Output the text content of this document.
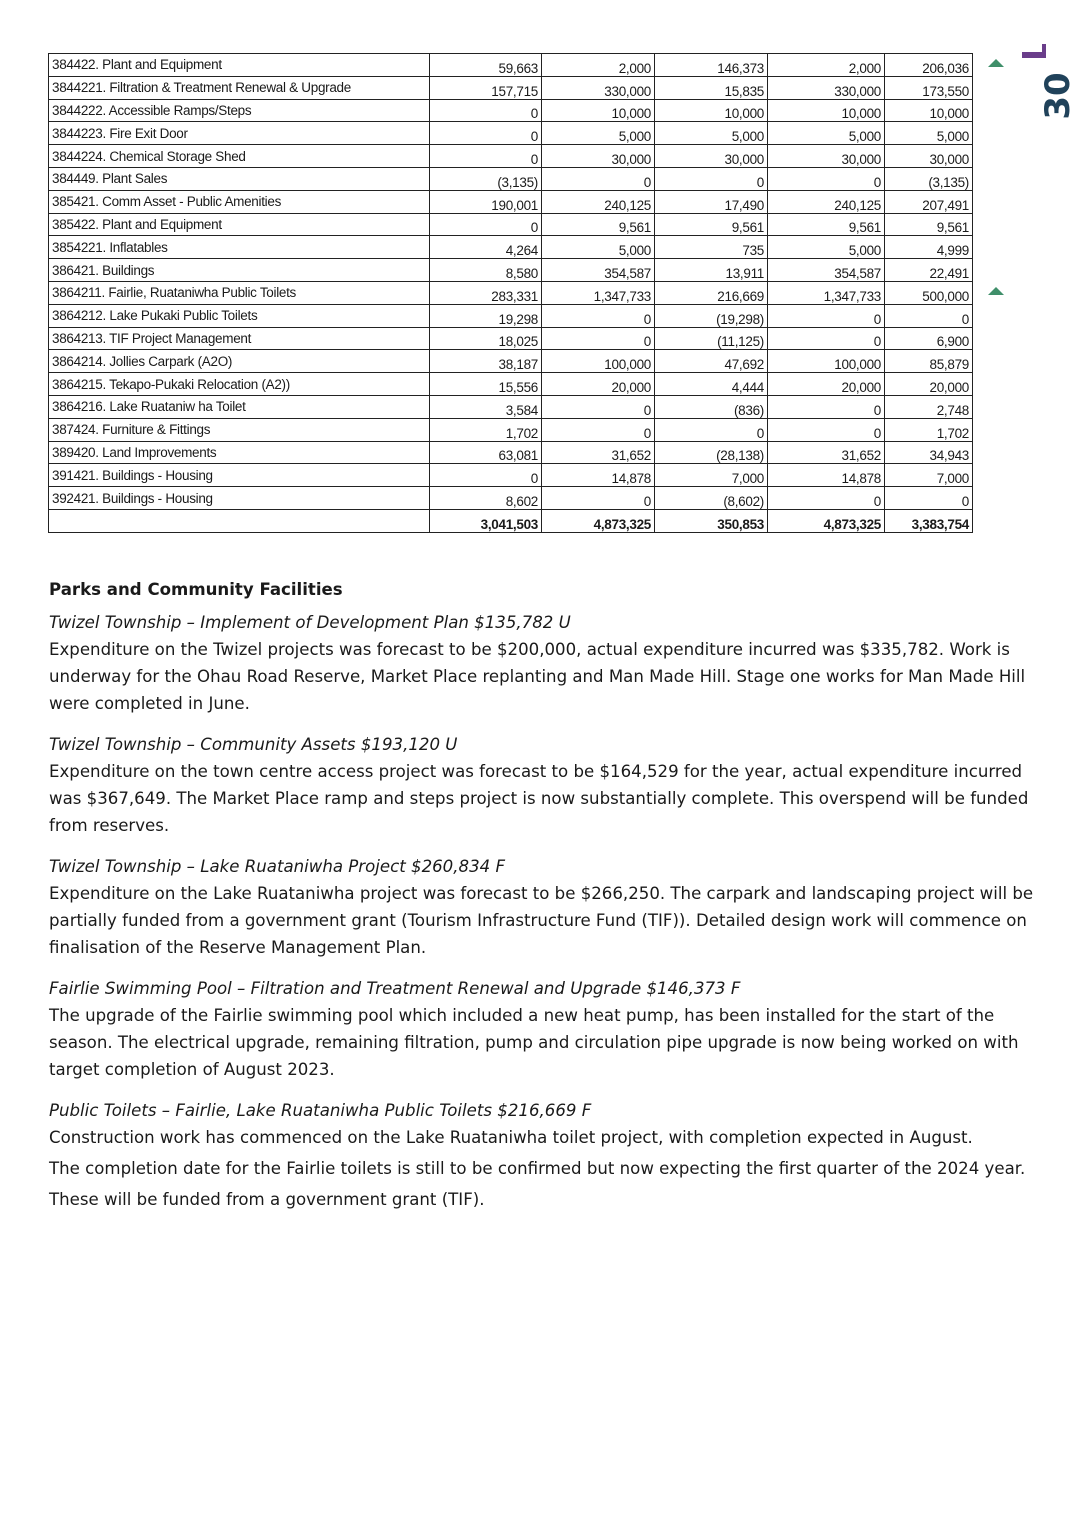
30
384422. Plant and Equipment	59,663	2,000	146,373	2,000	206,036
3844221. Filtration & Treatment Renewal & Upgrade	157,715	330,000	15,835	330,000	173,550
3844222. Accessible Ramps/Steps	0	10,000	10,000	10,000	10,000
3844223. Fire Exit Door	0	5,000	5,000	5,000	5,000
3844224. Chemical Storage Shed	0	30,000	30,000	30,000	30,000
384449. Plant Sales	(3,135)	0	0	0	(3,135)
385421. Comm Asset - Public Amenities	190,001	240,125	17,490	240,125	207,491
385422. Plant and Equipment	0	9,561	9,561	9,561	9,561
3854221. Inflatables	4,264	5,000	735	5,000	4,999
386421. Buildings	8,580	354,587	13,911	354,587	22,491
3864211. Fairlie, Ruataniwha Public Toilets	283,331	1,347,733	216,669	1,347,733	500,000
3864212. Lake Pukaki Public Toilets	19,298	0	(19,298)	0	0
3864213. TIF Project Management	18,025	0	(11,125)	0	6,900
3864214. Jollies Carpark (A2O)	38,187	100,000	47,692	100,000	85,879
3864215. Tekapo-Pukaki Relocation (A2))	15,556	20,000	4,444	20,000	20,000
3864216. Lake Ruataniw ha Toilet	3,584	0	(836)	0	2,748
387424. Furniture & Fittings	1,702	0	0	0	1,702
389420. Land Improvements	63,081	31,652	(28,138)	31,652	34,943
391421. Buildings - Housing	0	14,878	7,000	14,878	7,000
392421. Buildings - Housing	8,602	0	(8,602)	0	0
	3,041,503	4,873,325	350,853	4,873,325	3,383,754
Parks and Community Facilities

Twizel Township – Implement of Development Plan $135,782 U

Expenditure on the Twizel projects was forecast to be $200,000, actual expenditure incurred was $335,782. Work is underway for the Ohau Road Reserve, Market Place replanting and Man Made Hill. Stage one works for Man Made Hill were completed in June.

Twizel Township – Community Assets $193,120 U

Expenditure on the town centre access project was forecast to be $164,529 for the year, actual expenditure incurred was $367,649. The Market Place ramp and steps project is now substantially complete. This overspend will be funded from reserves.

Twizel Township – Lake Ruataniwha Project $260,834 F

Expenditure on the Lake Ruataniwha project was forecast to be $266,250. The carpark and landscaping project will be partially funded from a government grant (Tourism Infrastructure Fund (TIF)). Detailed design work will commence on finalisation of the Reserve Management Plan.

Fairlie Swimming Pool – Filtration and Treatment Renewal and Upgrade $146,373 F

The upgrade of the Fairlie swimming pool which included a new heat pump, has been installed for the start of the season. The electrical upgrade, remaining filtration, pump and circulation pipe upgrade is now being worked on with target completion of August 2023.

Public Toilets – Fairlie, Lake Ruataniwha Public Toilets $216,669 F

Construction work has commenced on the Lake Ruataniwha toilet project, with completion expected in August.

The completion date for the Fairlie toilets is still to be confirmed but now expecting the first quarter of the 2024 year.

These will be funded from a government grant (TIF).
